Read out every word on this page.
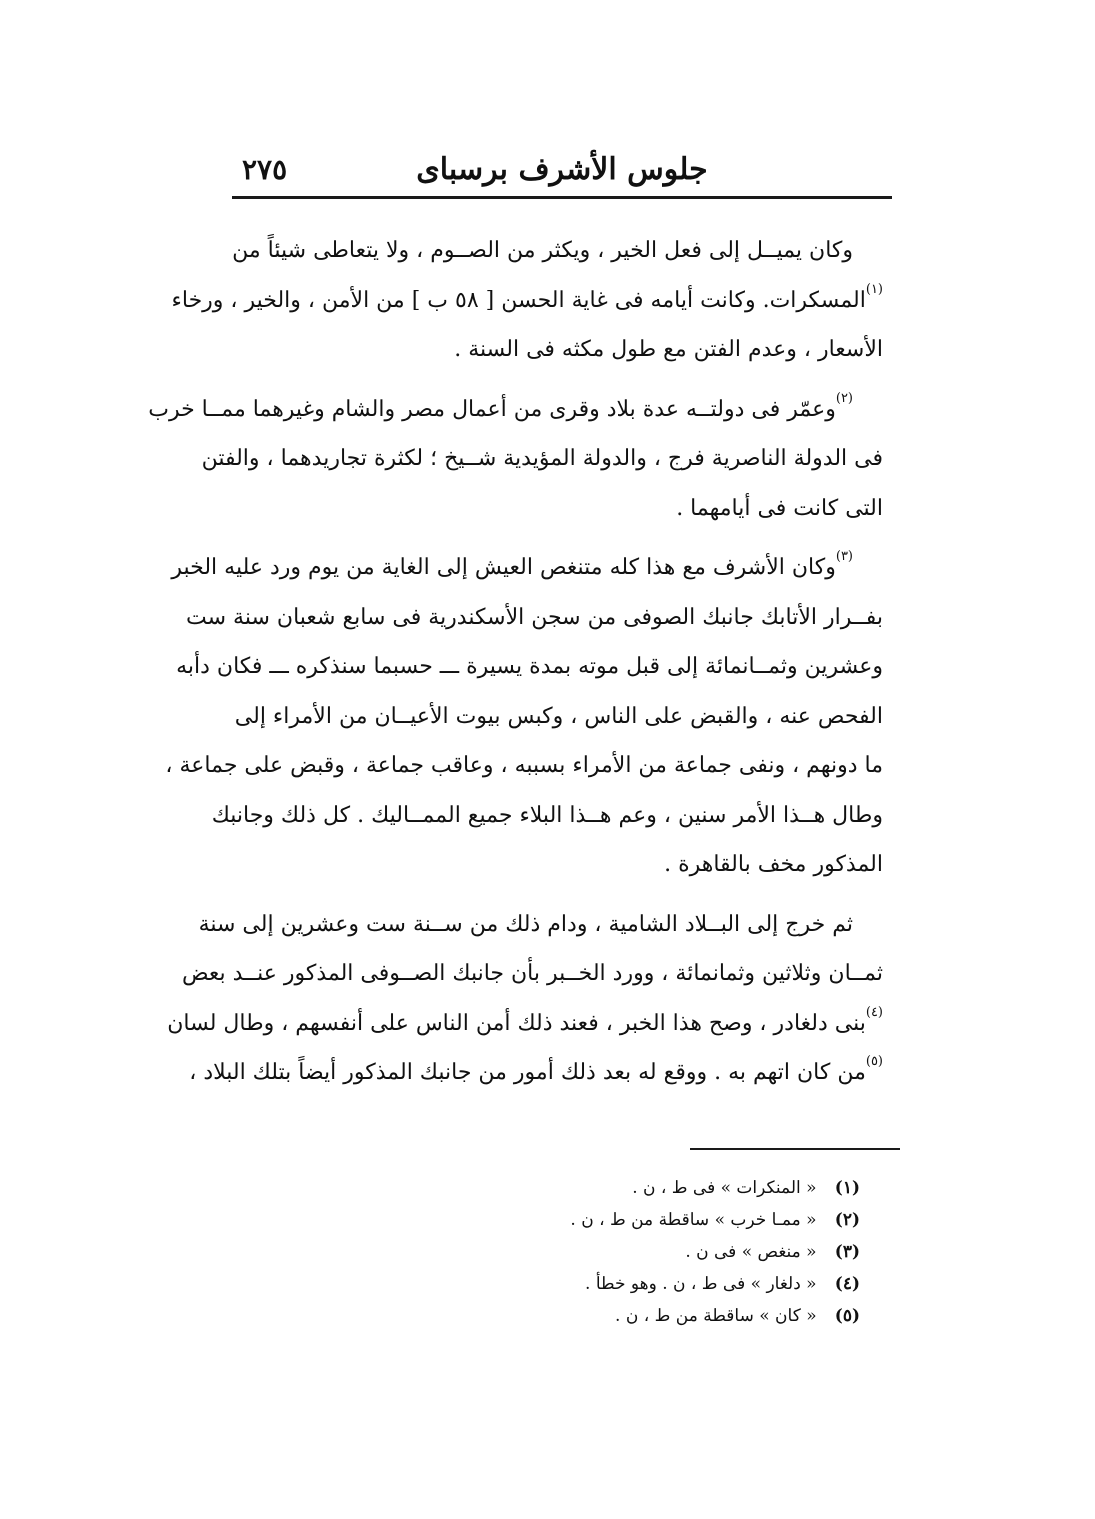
جلوس الأشرف برسباى
٢٧٥
وكان يميــل إلى فعل الخير ، ويكثر من الصــوم ، ولا يتعاطى شيئاً من
$^{(١)}$المسكرات. وكانت أيامه فى غاية الحسن [ ٥٨ ب ] من الأمن ، والخير ، ورخاء
الأسعار ، وعدم الفتن مع طول مكثه فى السنة .
$^{(٢)}$وعمّر فى دولتــه عدة بلاد وقرى من أعمال مصر والشام وغيرهما ممــا خرب
فى الدولة الناصرية فرج ، والدولة المؤيدية شــيخ ؛ لكثرة تجاريدهما ، والفتن
التى كانت فى أيامهما .
$^{(٣)}$وكان الأشرف مع هذا كله متنغص العيش إلى الغاية من يوم ورد عليه الخبر
بفــرار الأتابك جانبك الصوفى من سجن الأسكندرية فى سابع شعبان سنة ست
وعشرين وثمــانمائة إلى قبل موته بمدة يسيرة ـــ حسبما سنذكره ـــ فكان دأبه
الفحص عنه ، والقبض على الناس ، وكبس بيوت الأعيــان من الأمراء إلى
ما دونهم ، ونفى جماعة من الأمراء بسببه ، وعاقب جماعة ، وقبض على جماعة ،
وطال هــذا الأمر سنين ، وعم هــذا البلاء جميع الممــاليك . كل ذلك وجانبك
المذكور مخف بالقاهرة .
ثم خرج إلى البــلاد الشامية ، ودام ذلك من ســنة ست وعشرين إلى سنة
ثمــان وثلاثين وثمانمائة ، وورد الخــبر بأن جانبك الصــوفى المذكور عنــد بعض
$^{(٤)}$بنى دلغادر ، وصح هذا الخبر ، فعند ذلك أمن الناس على أنفسهم ، وطال لسان
$^{(٥)}$من كان اتهم به . ووقع له بعد ذلك أمور من جانبك المذكور أيضاً بتلك البلاد ،
(١) « المنكرات » فى ط ، ن .
(٢) « ممـا خرب » ساقطة من ط ، ن .
(٣) « منغص » فى ن .
(٤) « دلغار » فى ط ، ن . وهو خطأ .
(٥) « كان » ساقطة من ط ، ن .
